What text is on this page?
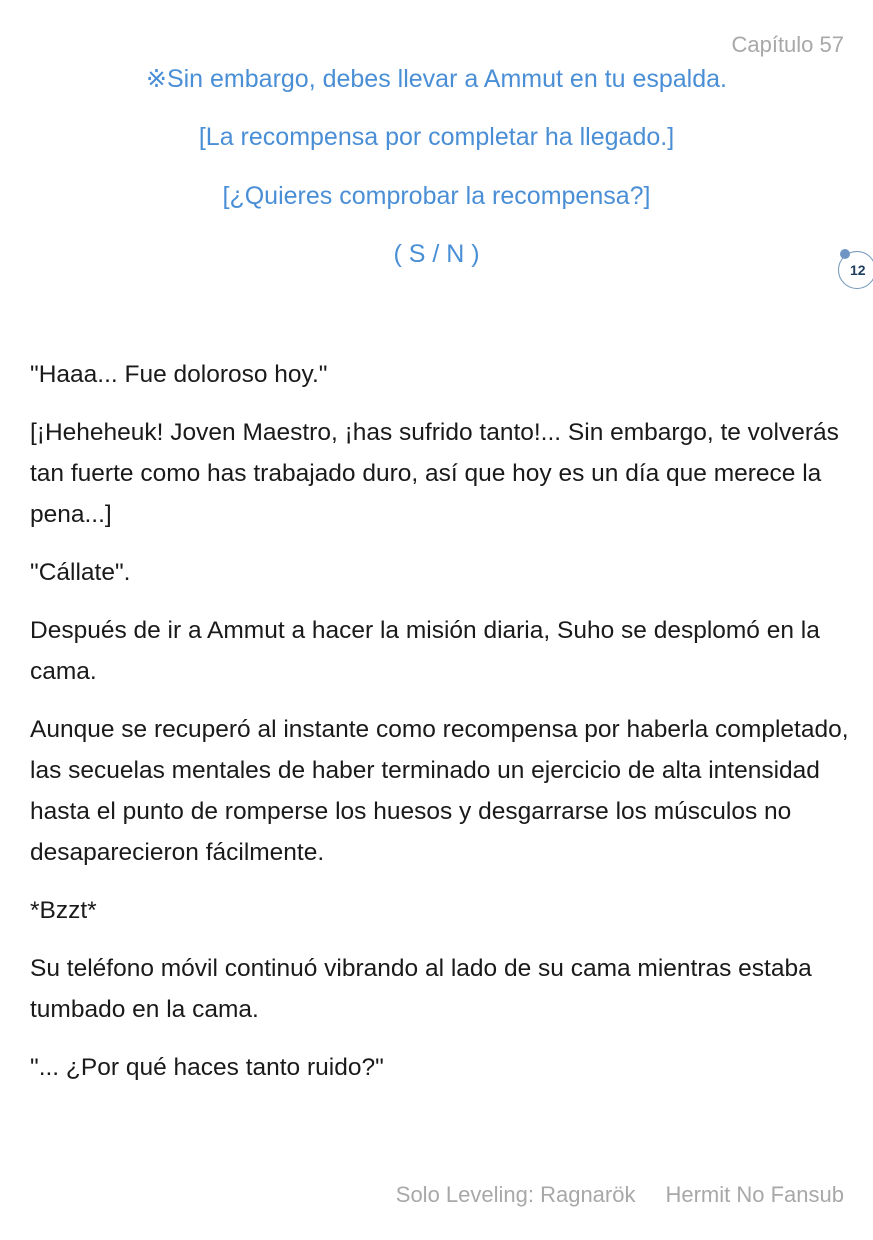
Capítulo 57
※Sin embargo, debes llevar a Ammut en tu espalda.
[La recompensa por completar ha llegado.]
[¿Quieres comprobar la recompensa?]
( S / N )
12

"Haaa... Fue doloroso hoy."

[¡Heheheuk! Joven Maestro, ¡has sufrido tanto!... Sin embargo, te volverás tan fuerte como has trabajado duro, así que hoy es un día que merece la pena...]

"Cállate".

Después de ir a Ammut a hacer la misión diaria, Suho se desplomó en la cama.

Aunque se recuperó al instante como recompensa por haberla completado, las secuelas mentales de haber terminado un ejercicio de alta intensidad hasta el punto de romperse los huesos y desgarrarse los músculos no desaparecieron fácilmente.

*Bzzt*

Su teléfono móvil continuó vibrando al lado de su cama mientras estaba tumbado en la cama.

"... ¿Por qué haces tanto ruido?"

Solo Leveling: Ragnarök Hermit No Fansub
